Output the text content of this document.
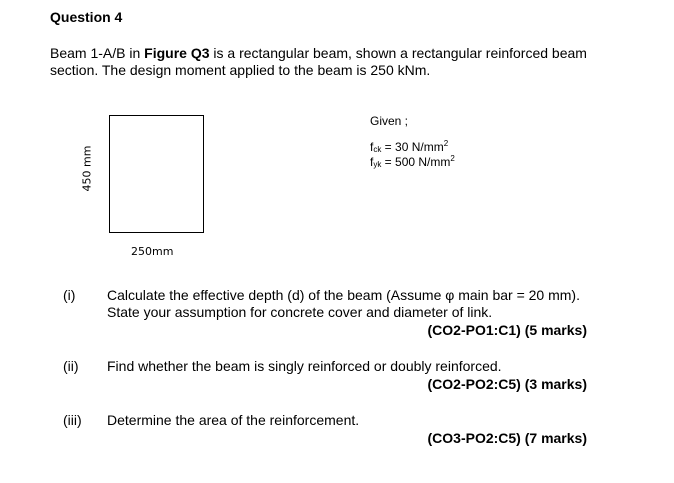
Question 4
Beam 1-A/B in Figure Q3 is a rectangular beam, shown a rectangular reinforced beam section. The design moment applied to the beam is 250 kNm.
450 mm
250mm
Given ;
$f_{ck} = 30$ $N/mm^2$
$f_{yk} = 500$ $N/mm^2$
(i) Calculate the effective depth (d) of the beam (Assume φ main bar = 20 mm). State your assumption for concrete cover and diameter of link.
(CO2-PO1:C1) (5 marks)
(ii) Find whether the beam is singly reinforced or doubly reinforced.
(CO2-PO2:C5) (3 marks)
(iii) Determine the area of the reinforcement.
(CO3-PO2:C5) (7 marks)
